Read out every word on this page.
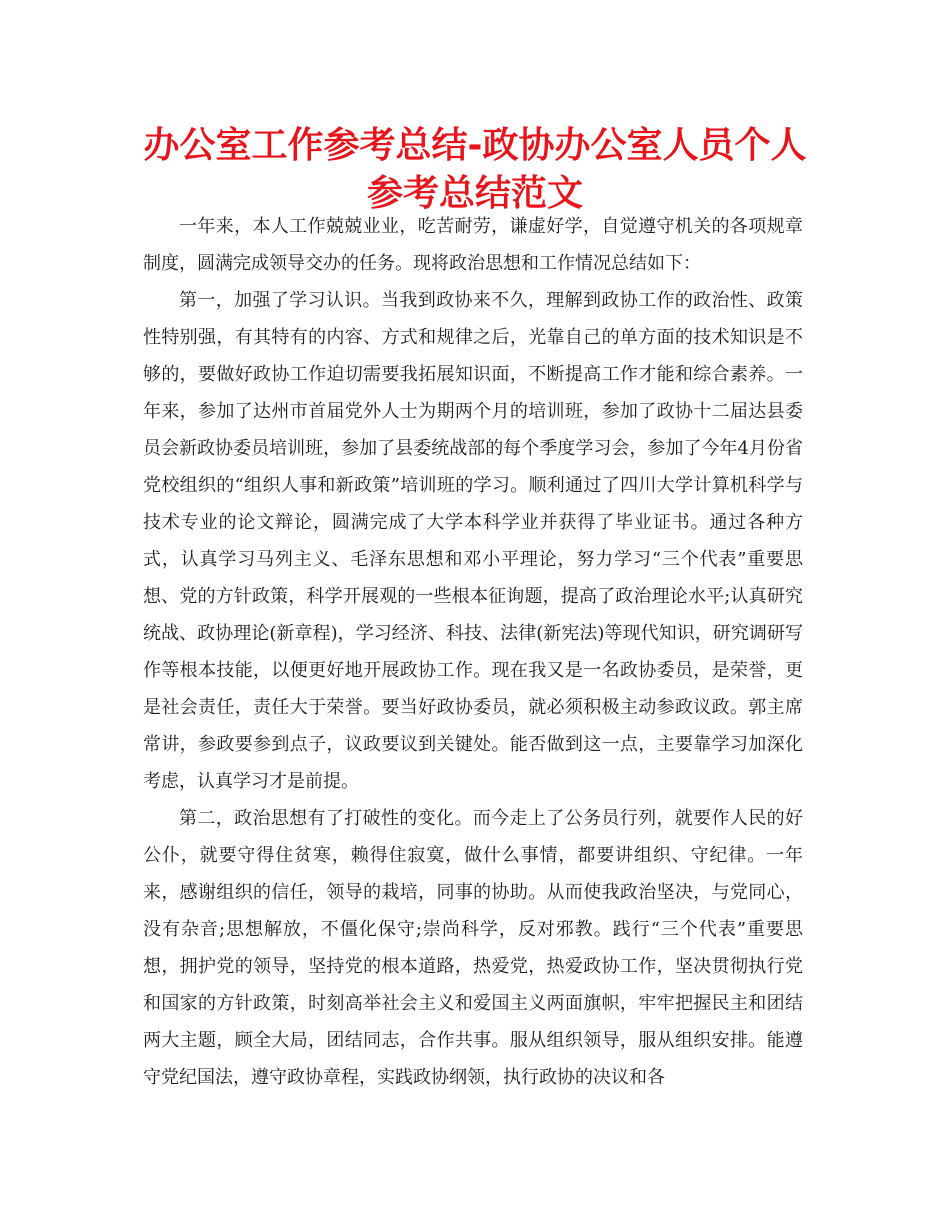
办公室工作参考总结-政协办公室人员个人参考总结范文

一年来，本人工作兢兢业业，吃苦耐劳，谦虚好学，自觉遵守机关的各项规章制度，圆满完成领导交办的任务。现将政治思想和工作情况总结如下：

第一，加强了学习认识。当我到政协来不久，理解到政协工作的政治性、政策性特别强，有其特有的内容、方式和规律之后，光靠自己的单方面的技术知识是不够的，要做好政协工作迫切需要我拓展知识面，不断提高工作才能和综合素养。一年来，参加了达州市首届党外人士为期两个月的培训班，参加了政协十二届达县委员会新政协委员培训班，参加了县委统战部的每个季度学习会，参加了今年4月份省党校组织的“组织人事和新政策”培训班的学习。顺利通过了四川大学计算机科学与技术专业的论文辩论，圆满完成了大学本科学业并获得了毕业证书。通过各种方式，认真学习马列主义、毛泽东思想和邓小平理论，努力学习“三个代表”重要思想、党的方针政策，科学开展观的一些根本征询题，提高了政治理论水平;认真研究统战、政协理论(新章程)，学习经济、科技、法律(新宪法)等现代知识，研究调研写作等根本技能，以便更好地开展政协工作。现在我又是一名政协委员，是荣誉，更是社会责任，责任大于荣誉。要当好政协委员，就必须积极主动参政议政。郭主席常讲，参政要参到点子，议政要议到关键处。能否做到这一点，主要靠学习加深化考虑，认真学习才是前提。

第二，政治思想有了打破性的变化。而今走上了公务员行列，就要作人民的好公仆，就要守得住贫寒，赖得住寂寞，做什么事情，都要讲组织、守纪律。一年来，感谢组织的信任，领导的栽培，同事的协助。从而使我政治坚决，与党同心，没有杂音;思想解放，不僵化保守;崇尚科学，反对邪教。践行“三个代表”重要思想，拥护党的领导，坚持党的根本道路，热爱党，热爱政协工作，坚决贯彻执行党和国家的方针政策，时刻高举社会主义和爱国主义两面旗帜，牢牢把握民主和团结两大主题，顾全大局，团结同志，合作共事。服从组织领导，服从组织安排。能遵守党纪国法，遵守政协章程，实践政协纲领，执行政协的决议和各
